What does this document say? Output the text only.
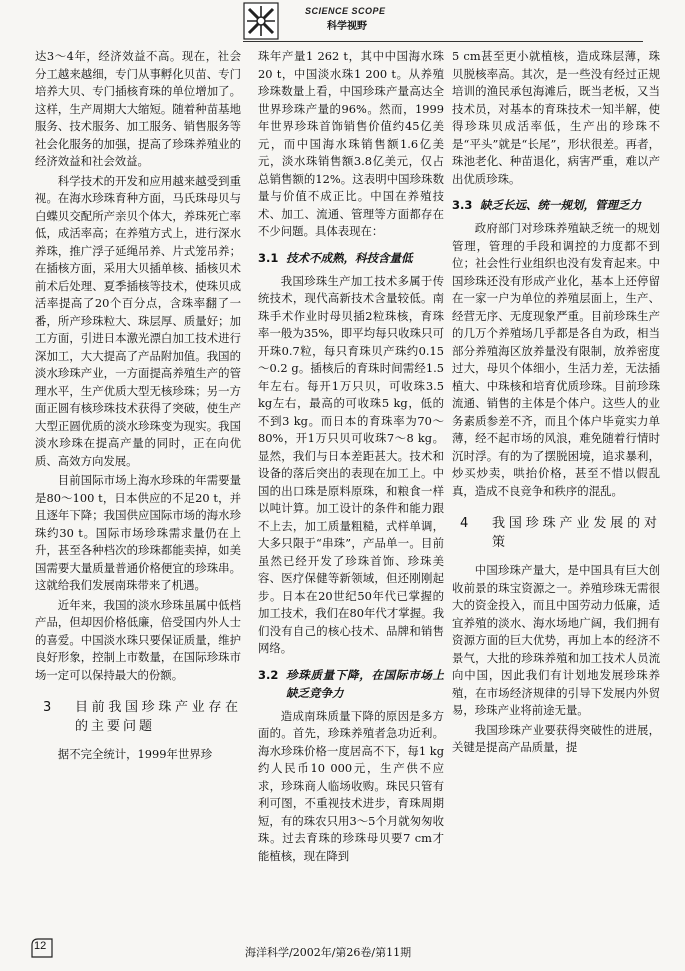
SCIENCE SCOPE
科学视野

达3～4年，经济效益不高。现在，社会分工越来越细，专门从事孵化贝苗、专门培养大贝、专门插核育珠的单位增加了。这样，生产周期大大缩短。随着种苗基地服务、技术服务、加工服务、销售服务等社会化服务的加强，提高了珍珠养殖业的经济效益和社会效益。

科学技术的开发和应用越来越受到重视。在海水珍珠育种方面，马氏珠母贝与白蝶贝交配所产亲贝个体大，养珠死亡率低，成活率高；在养殖方式上，进行深水养珠，推广浮子延绳吊养、片式笼吊养；在插核方面，采用大贝插单核、插核贝术前术后处理、夏季插核等技术，使珠贝成活率提高了20个百分点，含珠率翻了一番，所产珍珠粒大、珠层厚、质量好；加工方面，引进日本激光漂白加工技术进行深加工，大大提高了产品附加值。我国的淡水珍珠产业，一方面提高养殖生产的管理水平，生产优质大型无核珍珠；另一方面正圆有核珍珠技术获得了突破，使生产大型正圆优质的淡水珍珠变为现实。我国淡水珍珠在提高产量的同时，正在向优质、高效方向发展。

目前国际市场上海水珍珠的年需要量是80～100 t，日本供应的不足20 t，并且逐年下降；我国供应国际市场的海水珍珠约30 t。国际市场珍珠需求量仍在上升，甚至各种档次的珍珠都能卖掉，如美国需要大量质量普通价格便宜的珍珠串。这就给我们发展南珠带来了机遇。

近年来，我国的淡水珍珠虽属中低档产品，但却因价格低廉，倍受国内外人士的喜爱。中国淡水珠只要保证质量，维护良好形象，控制上市数量，在国际珍珠市场一定可以保持最大的份额。

3	目前我国珍珠产业存在的主要问题

据不完全统计，1999年世界珍

珠年产量1 262 t，其中中国海水珠20 t，中国淡水珠1 200 t。从养殖珍珠数量上看，中国珍珠产量高达全世界珍珠产量的96%。然而，1999年世界珍珠首饰销售价值约45亿美元，而中国海水珠销售额1.6亿美元，淡水珠销售额3.8亿美元，仅占总销售额的12%。这表明中国珍珠数量与价值不成正比。中国在养殖技术、加工、流通、管理等方面都存在不少问题。具体表现在：

3.1 技术不成熟，科技含量低

我国珍珠生产加工技术多属于传统技术，现代高新技术含量较低。南珠手术作业时母贝插2粒珠核，育珠率一般为35%，即平均每只收珠只可开珠0.7粒，每只育珠贝产珠约0.15～0.2 g。插核后的育珠时间需经1.5年左右。每开1万只贝，可收珠3.5 kg左右，最高的可收珠5 kg，低的不到3 kg。而日本的育珠率为70～80%，开1万只贝可收珠7～8 kg。显然，我们与日本差距甚大。技术和设备的落后突出的表现在加工上。中国的出口珠是原料原珠，和粮食一样以吨计算。加工设计的条件和能力跟不上去，加工质量粗糙，式样单调，大多只限于“串珠”，产品单一。目前虽然已经开发了珍珠首饰、珍珠美容、医疗保健等新领域，但还刚刚起步。日本在20世纪50年代已掌握的加工技术，我们在80年代才掌握。我们没有自己的核心技术、品牌和销售网络。

3.2 珍珠质量下降，在国际市场上缺乏竞争力

造成南珠质量下降的原因是多方面的。首先，珍珠养殖者急功近利。海水珍珠价格一度居高不下，每1 kg约人民币10 000元，生产供不应求，珍珠商人临场收购。珠民只管有利可图，不重视技术进步，育珠周期短，有的珠农只用3～5个月就匆匆收珠。过去育珠的珍珠母贝要7 cm才能植核，现在降到

5 cm甚至更小就植核，造成珠层薄，珠贝脱核率高。其次，是一些没有经过正规培训的渔民承包海滩后，既当老板，又当技术员，对基本的育珠技术一知半解，使得珍珠贝成活率低，生产出的珍珠不是“平头”就是“长尾”，形状很差。再者，珠池老化、种苗退化，病害严重，难以产出优质珍珠。

3.3 缺乏长远、统一规划，管理乏力

政府部门对珍珠养殖缺乏统一的规划管理，管理的手段和调控的力度都不到位；社会性行业组织也没有发育起来。中国珍珠还没有形成产业化，基本上还停留在一家一户为单位的养殖层面上，生产、经营无序、无度现象严重。目前珍珠生产的几万个养殖场几乎都是各自为政，相当部分养殖海区放养量没有限制，放养密度过大，母贝个体细小，生活力差，无法插植大、中珠核和培育优质珍珠。目前珍珠流通、销售的主体是个体户。这些人的业务素质参差不齐，而且个体户毕竟实力单薄，经不起市场的风浪，难免随着行情时沉时浮。有的为了摆脱困境，追求暴利，炒买炒卖，哄抬价格，甚至不惜以假乱真，造成不良竞争和秩序的混乱。

4	我国珍珠产业发展的对策

中国珍珠产量大，是中国具有巨大创收前景的珠宝资源之一。养殖珍珠无需很大的资金投入，而且中国劳动力低廉，适宜养殖的淡水、海水场地广阔，我们拥有资源方面的巨大优势，再加上本的经济不景气，大批的珍珠养殖和加工技术人员流向中国，因此我们有计划地发展珍珠养殖，在市场经济规律的引导下发展内外贸易，珍珠产业将前途无量。

我国珍珠产业要获得突破性的进展，关键是提高产品质量，提

12	海洋科学/2002年/第26卷/第11期
